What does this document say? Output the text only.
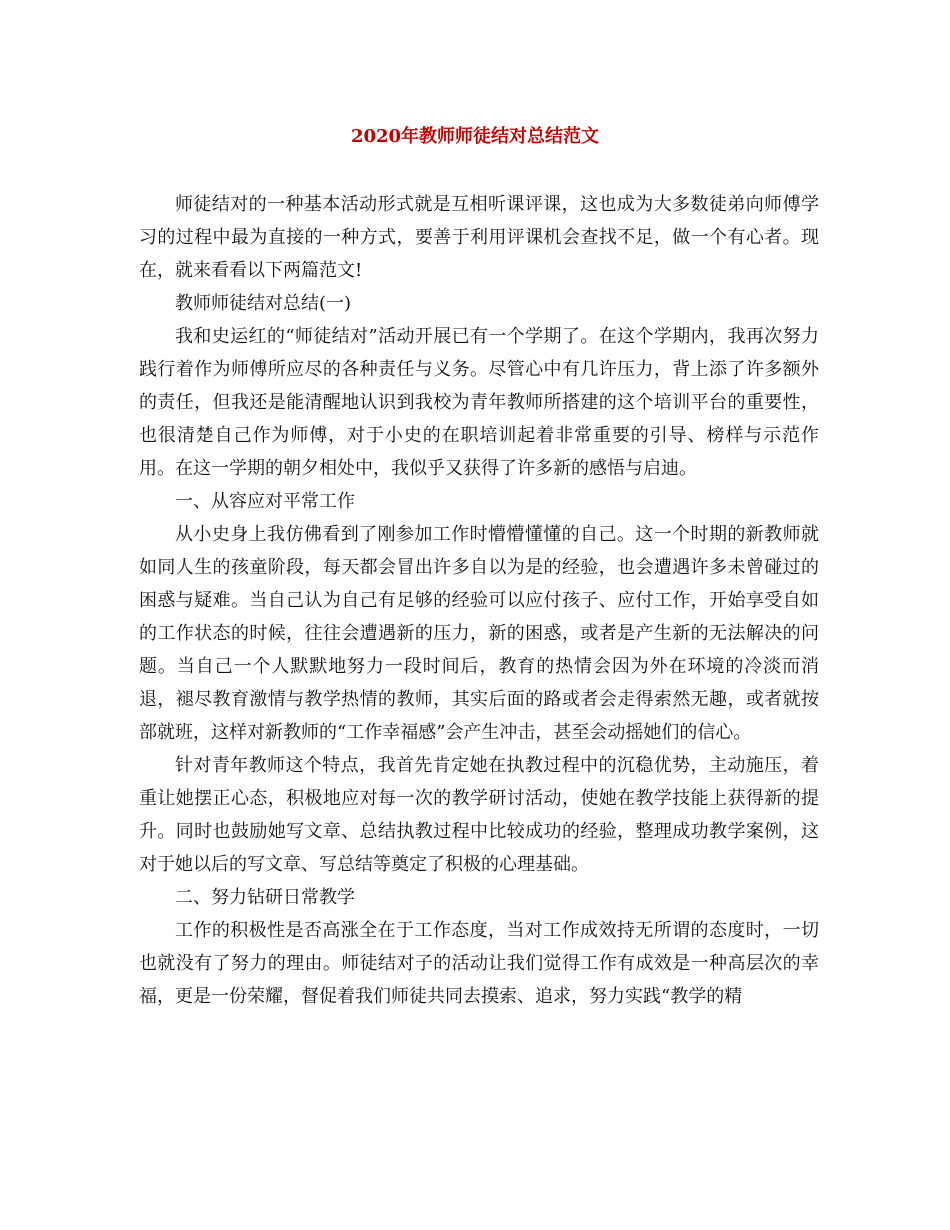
2020年教师师徒结对总结范文

师徒结对的一种基本活动形式就是互相听课评课，这也成为大多数徒弟向师傅学习的过程中最为直接的一种方式，要善于利用评课机会查找不足，做一个有心者。现在，就来看看以下两篇范文!

教师师徒结对总结(一)

我和史运红的“师徒结对”活动开展已有一个学期了。在这个学期内，我再次努力践行着作为师傅所应尽的各种责任与义务。尽管心中有几许压力，背上添了许多额外的责任，但我还是能清醒地认识到我校为青年教师所搭建的这个培训平台的重要性，也很清楚自己作为师傅，对于小史的在职培训起着非常重要的引导、榜样与示范作用。在这一学期的朝夕相处中，我似乎又获得了许多新的感悟与启迪。

一、从容应对平常工作

从小史身上我仿佛看到了刚参加工作时懵懵懂懂的自己。这一个时期的新教师就如同人生的孩童阶段，每天都会冒出许多自以为是的经验，也会遭遇许多未曾碰过的困惑与疑难。当自己认为自己有足够的经验可以应付孩子、应付工作，开始享受自如的工作状态的时候，往往会遭遇新的压力，新的困惑，或者是产生新的无法解决的问题。当自己一个人默默地努力一段时间后，教育的热情会因为外在环境的冷淡而消退，褪尽教育激情与教学热情的教师，其实后面的路或者会走得索然无趣，或者就按部就班，这样对新教师的“工作幸福感”会产生冲击，甚至会动摇她们的信心。

针对青年教师这个特点，我首先肯定她在执教过程中的沉稳优势，主动施压，着重让她摆正心态，积极地应对每一次的教学研讨活动，使她在教学技能上获得新的提升。同时也鼓励她写文章、总结执教过程中比较成功的经验，整理成功教学案例，这对于她以后的写文章、写总结等奠定了积极的心理基础。

二、努力钻研日常教学

工作的积极性是否高涨全在于工作态度，当对工作成效持无所谓的态度时，一切也就没有了努力的理由。师徒结对子的活动让我们觉得工作有成效是一种高层次的幸福，更是一份荣耀，督促着我们师徒共同去摸索、追求，努力实践“教学的精
